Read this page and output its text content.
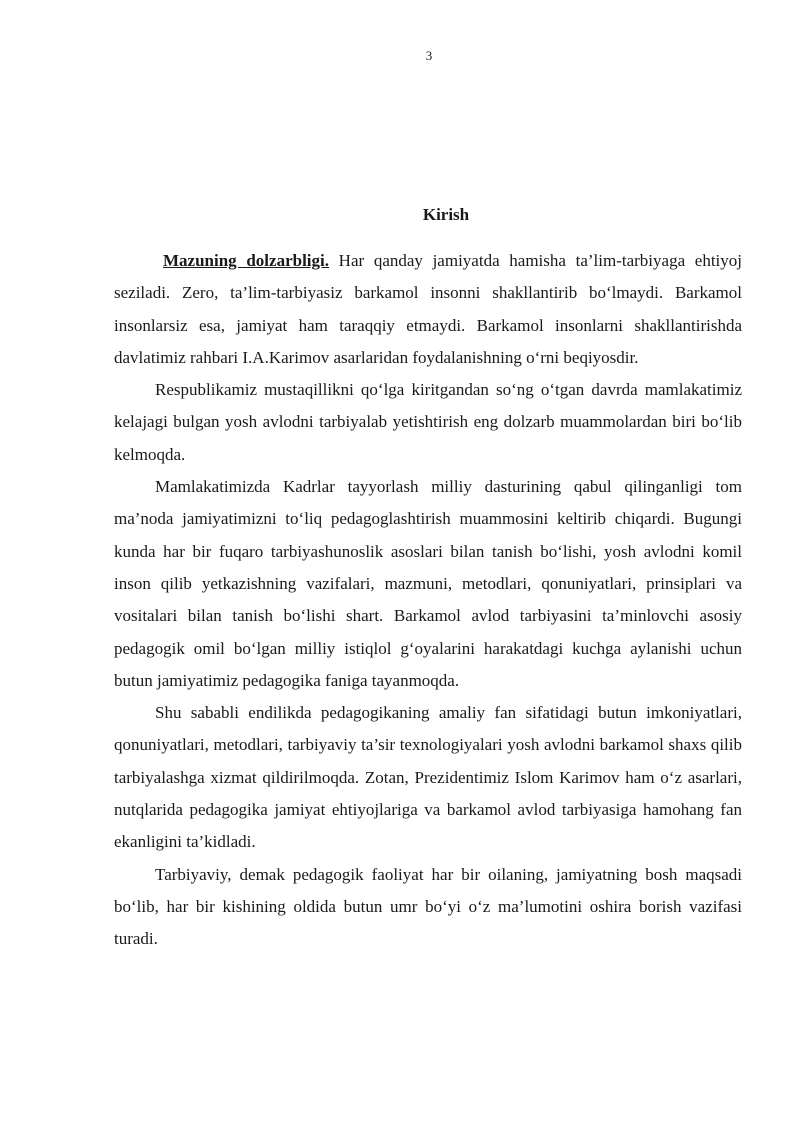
3
Kirish

Mazuning dolzarbligi. Har qanday jamiyatda hamisha ta’lim-tarbiyaga ehtiyoj seziladi. Zero, ta’lim-tarbiyasiz barkamol insonni shakllantirib bo‘lmaydi. Barkamol insonlarsiz esa, jamiyat ham taraqqiy etmaydi. Barkamol insonlarni shakllantirishda davlatimiz rahbari I.A.Karimov asarlaridan foydalanishning o‘rni beqiyosdir.

Respublikamiz mustaqillikni qo‘lga kiritgandan so‘ng o‘tgan davrda mamlakatimiz kelajagi bulgan yosh avlodni tarbiyalab yetishtirish eng dolzarb muammolardan biri bo‘lib kelmoqda.

Mamlakatimizda Kadrlar tayyorlash milliy dasturining qabul qilinganligi tom ma’noda jamiyatimizni to‘liq pedagoglashtirish muammosini keltirib chiqardi. Bugungi kunda har bir fuqaro tarbiyashunoslik asoslari bilan tanish bo‘lishi, yosh avlodni komil inson qilib yetkazishning vazifalari, mazmuni, metodlari, qonuniyatlari, prinsiplari va vositalari bilan tanish bo‘lishi shart. Barkamol avlod tarbiyasini ta’minlovchi asosiy pedagogik omil bo‘lgan milliy istiqlol g‘oyalarini harakatdagi kuchga aylanishi uchun butun jamiyatimiz pedagogika faniga tayanmoqda.

Shu sababli endilikda pedagogikaning amaliy fan sifatidagi butun imkoniyatlari, qonuniyatlari, metodlari, tarbiyaviy ta’sir texnologiyalari yosh avlodni barkamol shaxs qilib tarbiyalashga xizmat qildirilmoqda. Zotan, Prezidentimiz Islom Karimov ham o‘z asarlari, nutqlarida pedagogika jamiyat ehtiyojlariga va barkamol avlod tarbiyasiga hamohang fan ekanligini ta’kidladi.

Tarbiyaviy, demak pedagogik faoliyat har bir oilaning, jamiyatning bosh maqsadi bo‘lib, har bir kishining oldida butun umr bo‘yi o‘z ma’lumotini oshira borish vazifasi turadi.
